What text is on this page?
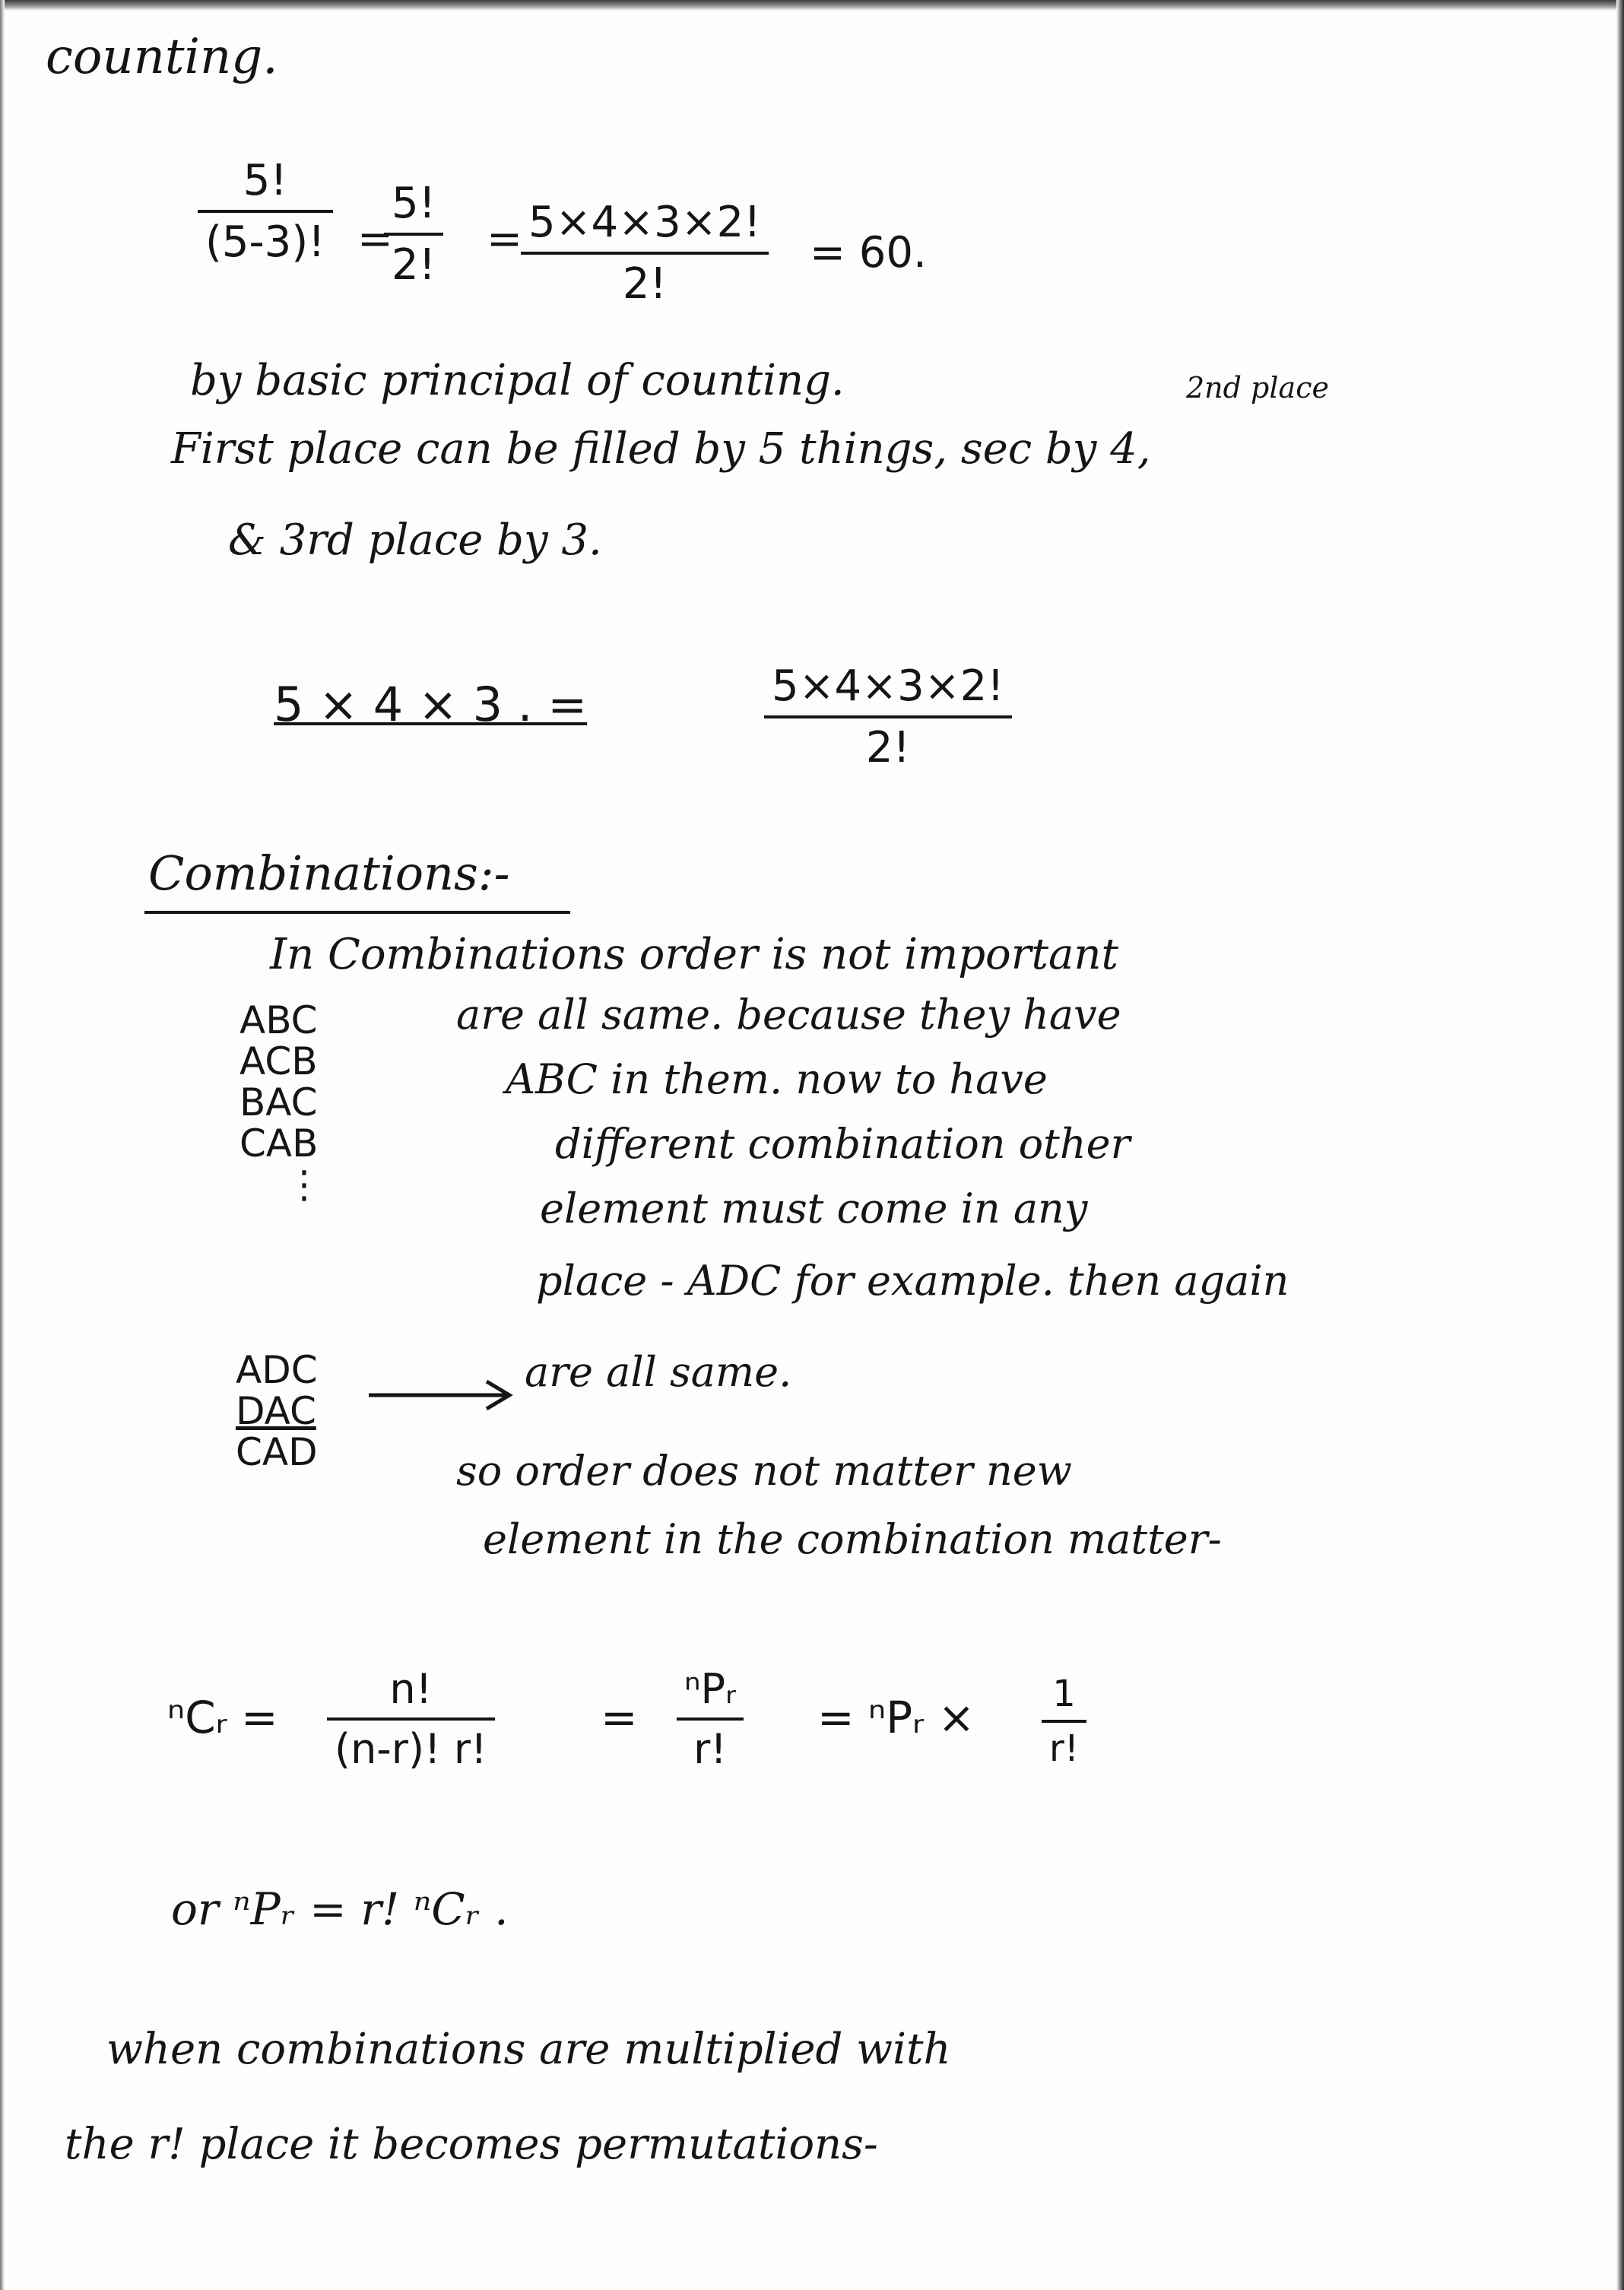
counting.
$\frac{5!}{(5-3)!}$ =
$\frac{5!}{2!}$ =
$\frac{5\times 4\times 3\times 2!}{2!} = 60$.
by basic principal of counting.	2nd place
First place can be filled by 5 things, sec by 4,
& 3rd place by 3.
5 × 4 × 3 . =	$\frac{5\times 4\times 3\times 2!}{2!}$
Combinations:-
In Combinations order is not important
ABC
ACB
BAC
CAB
⋮
are all same. because they have
ABC in them. now to have
different combination other
element must come in any
place - ADC for example. then again
ADC
DAC
CAD
are all same.
so order does not matter new
element in the combination matter-
ⁿCᵣ = $\frac{n!}{(n-r)! r!}$ =
ⁿPᵣ
r!
= ⁿPᵣ × $\frac{1}{r!}$
or ⁿPᵣ = r! ⁿCᵣ .
when combinations are multiplied with
the r! place it becomes permutations-
